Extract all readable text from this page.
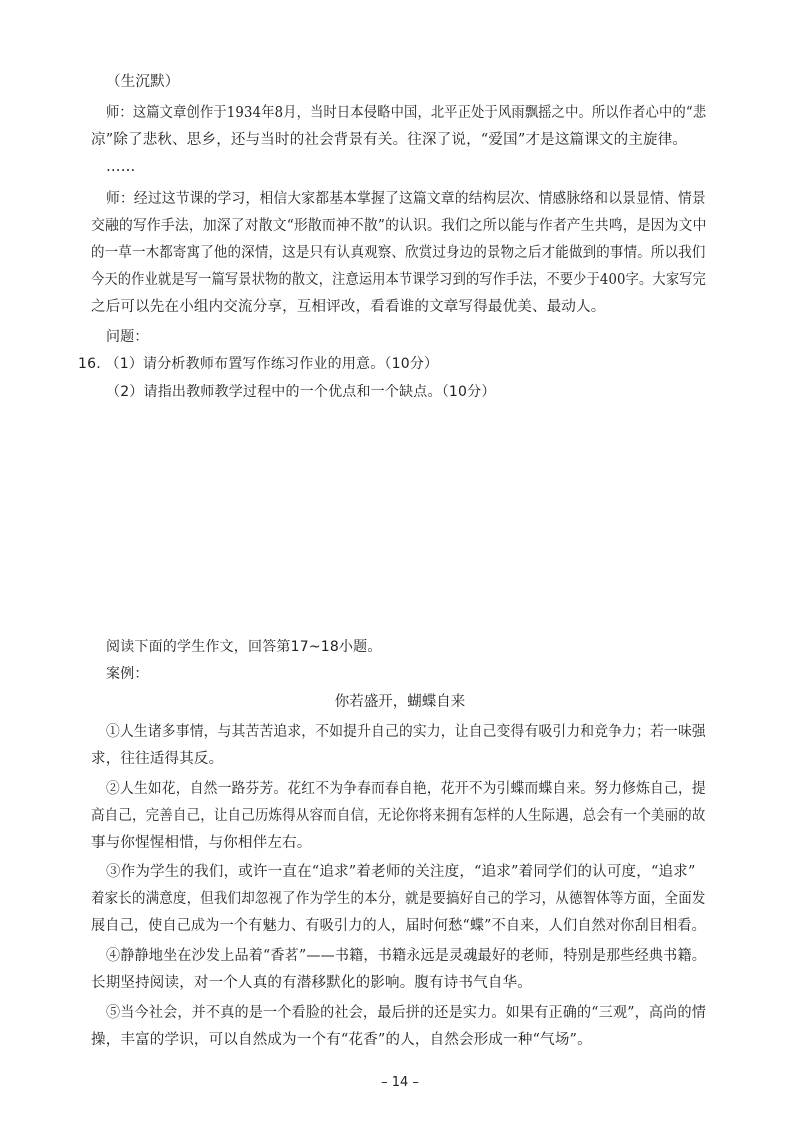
（生沉默）
师：这篇文章创作于1934年8月，当时日本侵略中国，北平正处于风雨飘摇之中。所以作者心中的“悲
凉”除了悲秋、思乡，还与当时的社会背景有关。往深了说，“爱国”才是这篇课文的主旋律。
……
师：经过这节课的学习，相信大家都基本掌握了这篇文章的结构层次、情感脉络和以景显情、情景
交融的写作手法，加深了对散文“形散而神不散”的认识。我们之所以能与作者产生共鸣，是因为文中
的一草一木都寄寓了他的深情，这是只有认真观察、欣赏过身边的景物之后才能做到的事情。所以我们
今天的作业就是写一篇写景状物的散文，注意运用本节课学习到的写作手法，不要少于400字。大家写完
之后可以先在小组内交流分享，互相评改，看看谁的文章写得最优美、最动人。
问题：
16. （1）请分析教师布置写作练习作业的用意。（10分）
（2）请指出教师教学过程中的一个优点和一个缺点。（10分）
阅读下面的学生作文，回答第17~18小题。
案例：
你若盛开，蝴蝶自来
①人生诸多事情，与其苦苦追求，不如提升自己的实力，让自己变得有吸引力和竞争力；若一味强
求，往往适得其反。
②人生如花，自然一路芬芳。花红不为争春而春自艳，花开不为引蝶而蝶自来。努力修炼自己，提
高自己，完善自己，让自己历炼得从容而自信，无论你将来拥有怎样的人生际遇，总会有一个美丽的故
事与你惺惺相惜，与你相伴左右。
③作为学生的我们，或许一直在“追求”着老师的关注度，“追求”着同学们的认可度，“追求”
着家长的满意度，但我们却忽视了作为学生的本分，就是要搞好自己的学习，从德智体等方面，全面发
展自己，使自己成为一个有魅力、有吸引力的人，届时何愁“蝶”不自来，人们自然对你刮目相看。
④静静地坐在沙发上品着“香茗”——书籍，书籍永远是灵魂最好的老师，特别是那些经典书籍。
长期坚持阅读，对一个人真的有潜移默化的影响。腹有诗书气自华。
⑤当今社会，并不真的是一个看脸的社会，最后拼的还是实力。如果有正确的“三观”，高尚的情
操，丰富的学识，可以自然成为一个有“花香”的人，自然会形成一种“气场”。
– 14 –
